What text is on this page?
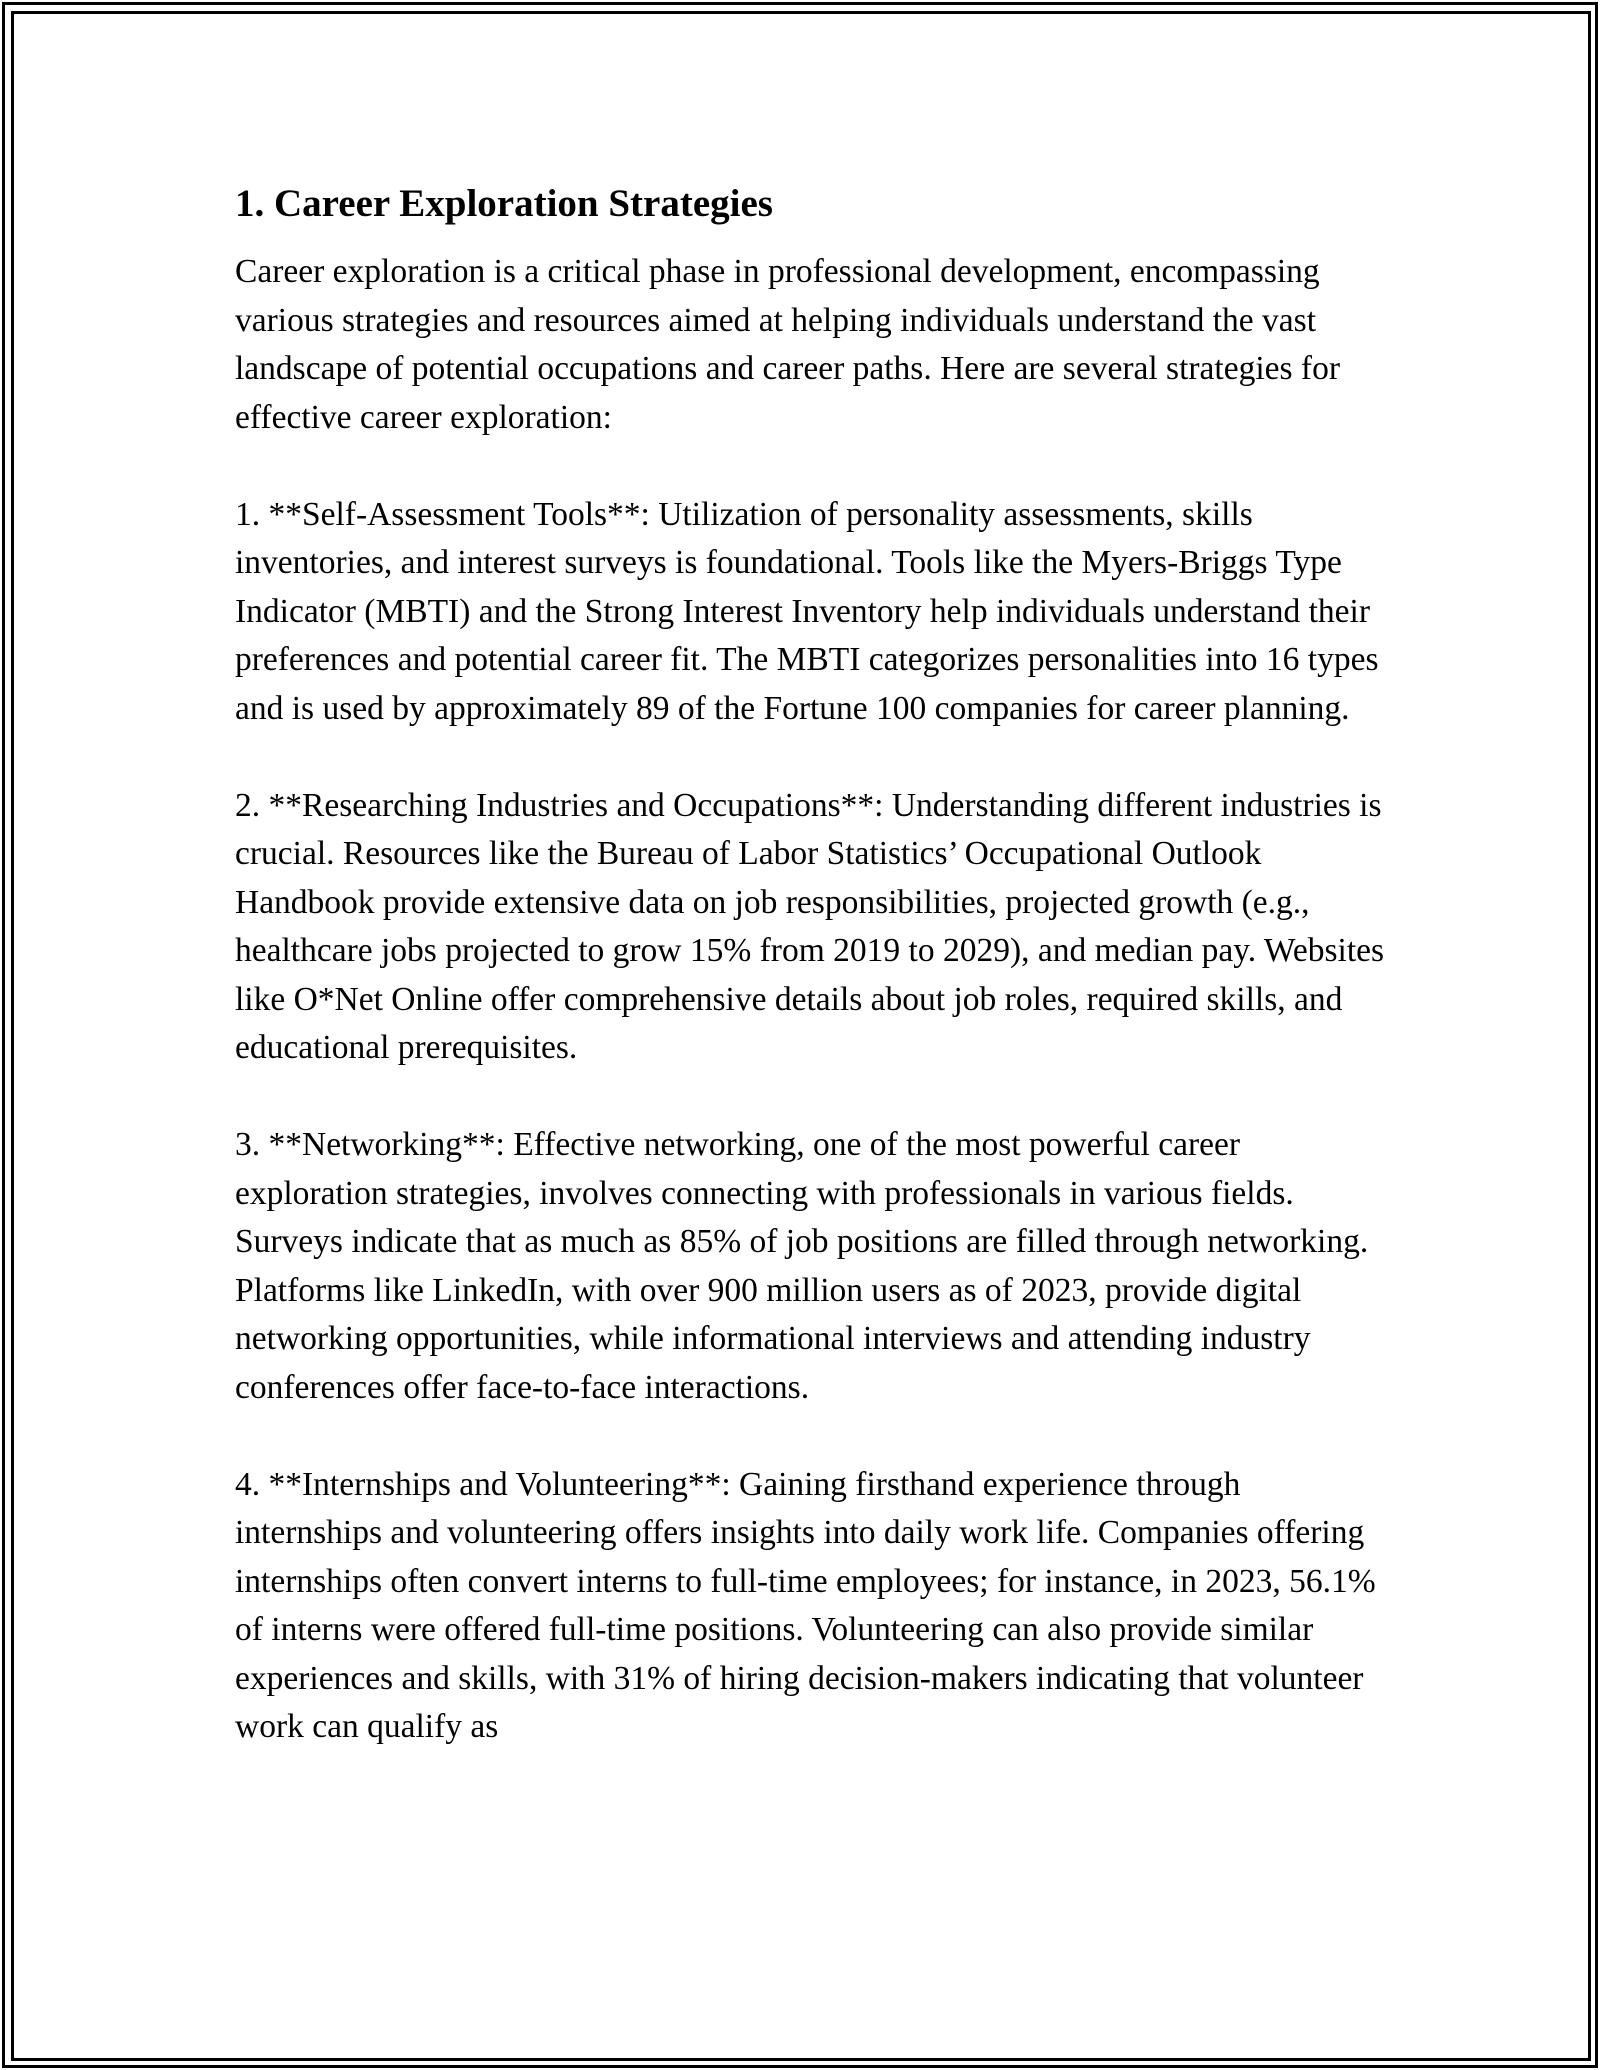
1. Career Exploration Strategies

Career exploration is a critical phase in professional development, encompassing various strategies and resources aimed at helping individuals understand the vast landscape of potential occupations and career paths. Here are several strategies for effective career exploration:

1. **Self-Assessment Tools**: Utilization of personality assessments, skills inventories, and interest surveys is foundational. Tools like the Myers-Briggs Type Indicator (MBTI) and the Strong Interest Inventory help individuals understand their preferences and potential career fit. The MBTI categorizes personalities into 16 types and is used by approximately 89 of the Fortune 100 companies for career planning.

2. **Researching Industries and Occupations**: Understanding different industries is crucial. Resources like the Bureau of Labor Statistics’ Occupational Outlook Handbook provide extensive data on job responsibilities, projected growth (e.g., healthcare jobs projected to grow 15% from 2019 to 2029), and median pay. Websites like O*Net Online offer comprehensive details about job roles, required skills, and educational prerequisites.

3. **Networking**: Effective networking, one of the most powerful career exploration strategies, involves connecting with professionals in various fields. Surveys indicate that as much as 85% of job positions are filled through networking. Platforms like LinkedIn, with over 900 million users as of 2023, provide digital networking opportunities, while informational interviews and attending industry conferences offer face-to-face interactions.

4. **Internships and Volunteering**: Gaining firsthand experience through internships and volunteering offers insights into daily work life. Companies offering internships often convert interns to full-time employees; for instance, in 2023, 56.1% of interns were offered full-time positions. Volunteering can also provide similar experiences and skills, with 31% of hiring decision-makers indicating that volunteer work can qualify as
